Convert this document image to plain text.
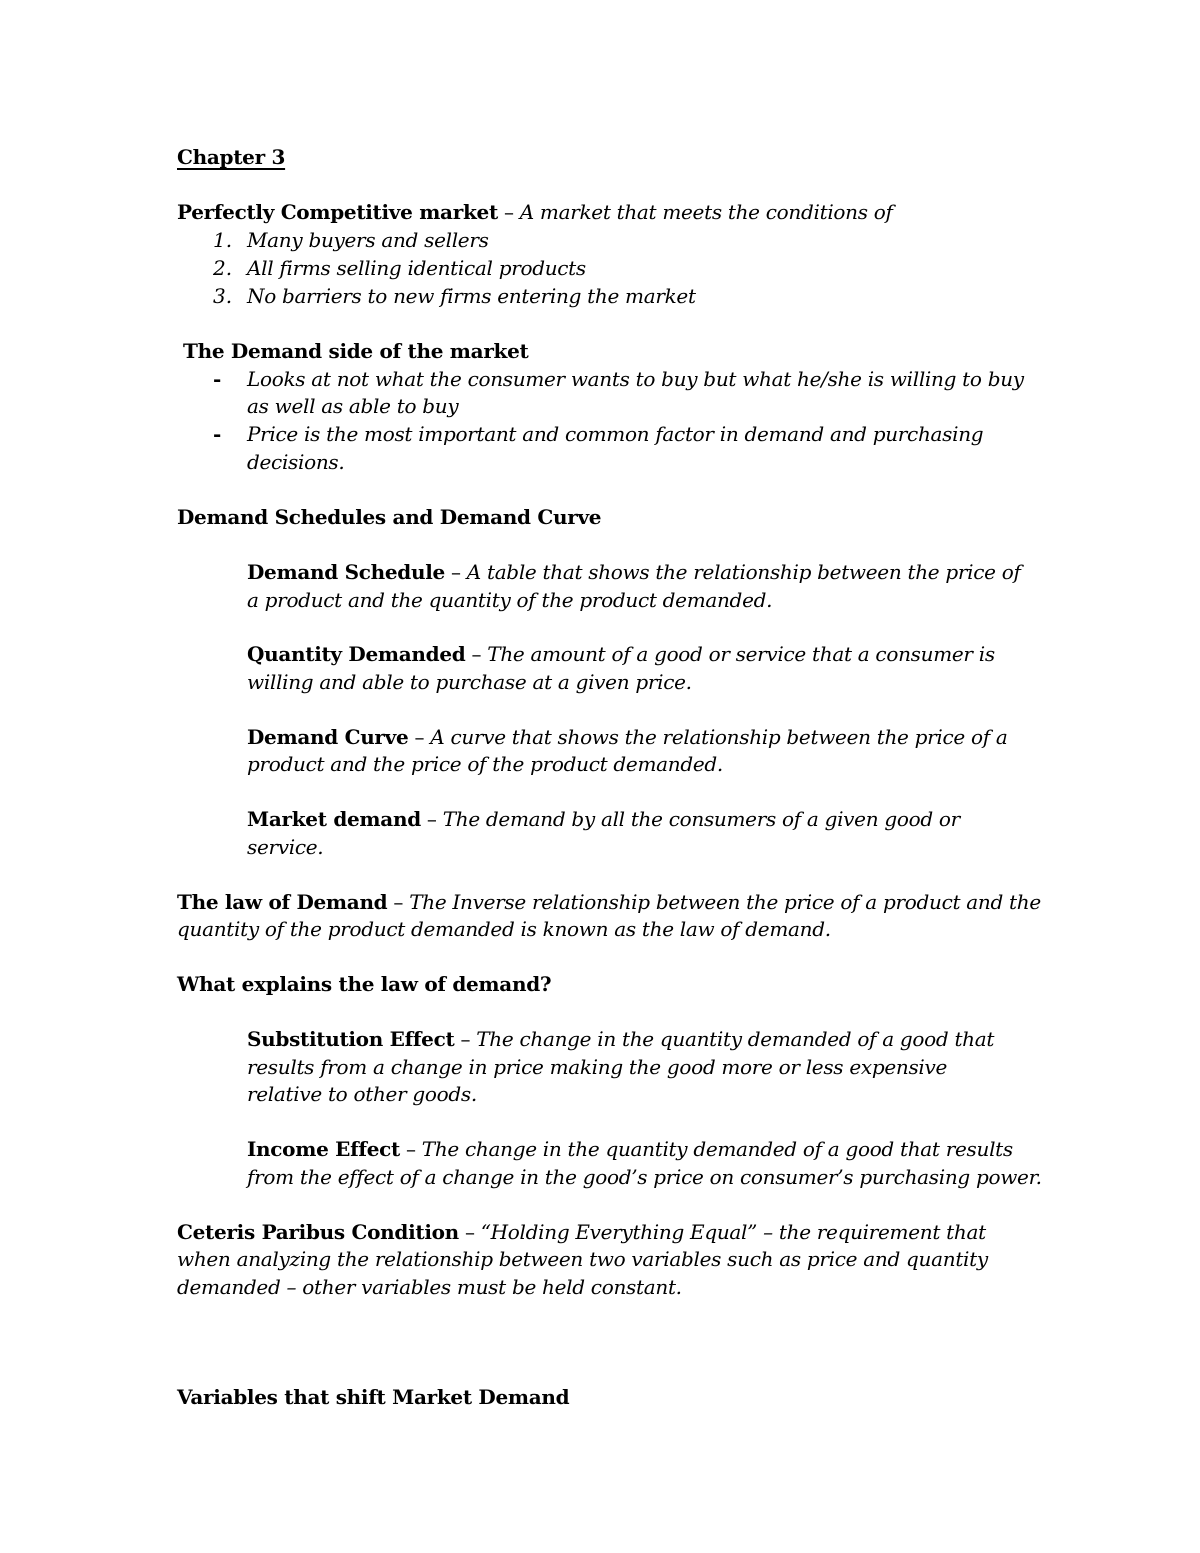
Chapter 3
Perfectly Competitive market – A market that meets the conditions of
1. Many buyers and sellers
2. All firms selling identical products
3. No barriers to new firms entering the market
The Demand side of the market
- Looks at not what the consumer wants to buy but what he/she is willing to buy
as well as able to buy
- Price is the most important and common factor in demand and purchasing
decisions.
Demand Schedules and Demand Curve
Demand Schedule – A table that shows the relationship between the price of
a product and the quantity of the product demanded.
Quantity Demanded – The amount of a good or service that a consumer is
willing and able to purchase at a given price.
Demand Curve – A curve that shows the relationship between the price of a
product and the price of the product demanded.
Market demand – The demand by all the consumers of a given good or
service.
The law of Demand – The Inverse relationship between the price of a product and the
quantity of the product demanded is known as the law of demand.
What explains the law of demand?
Substitution Effect – The change in the quantity demanded of a good that
results from a change in price making the good more or less expensive
relative to other goods.
Income Effect – The change in the quantity demanded of a good that results
from the effect of a change in the good’s price on consumer’s purchasing power.
Ceteris Paribus Condition – “Holding Everything Equal” – the requirement that
when analyzing the relationship between two variables such as price and quantity
demanded – other variables must be held constant.
Variables that shift Market Demand
